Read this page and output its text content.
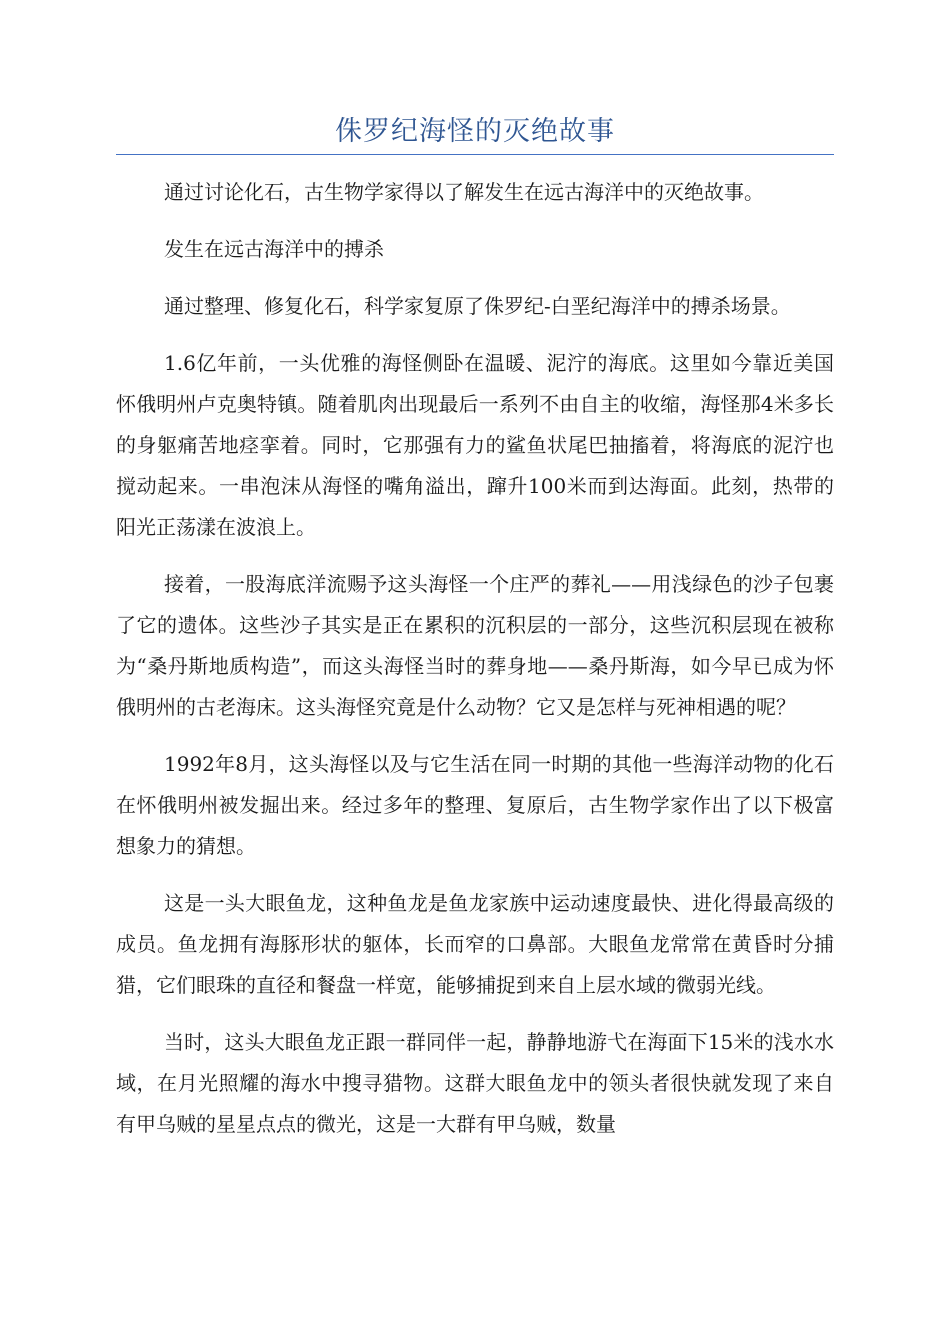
侏罗纪海怪的灭绝故事

通过讨论化石，古生物学家得以了解发生在远古海洋中的灭绝故事。

发生在远古海洋中的搏杀

通过整理、修复化石，科学家复原了侏罗纪-白垩纪海洋中的搏杀场景。

1.6亿年前，一头优雅的海怪侧卧在温暖、泥泞的海底。这里如今靠近美国怀俄明州卢克奥特镇。随着肌肉出现最后一系列不由自主的收缩，海怪那4米多长的身躯痛苦地痉挛着。同时，它那强有力的鲨鱼状尾巴抽搐着，将海底的泥泞也搅动起来。一串泡沫从海怪的嘴角溢出，蹿升100米而到达海面。此刻，热带的阳光正荡漾在波浪上。

接着，一股海底洋流赐予这头海怪一个庄严的葬礼——用浅绿色的沙子包裹了它的遗体。这些沙子其实是正在累积的沉积层的一部分，这些沉积层现在被称为“桑丹斯地质构造”，而这头海怪当时的葬身地——桑丹斯海，如今早已成为怀俄明州的古老海床。这头海怪究竟是什么动物？它又是怎样与死神相遇的呢？

1992年8月，这头海怪以及与它生活在同一时期的其他一些海洋动物的化石在怀俄明州被发掘出来。经过多年的整理、复原后，古生物学家作出了以下极富想象力的猜想。

这是一头大眼鱼龙，这种鱼龙是鱼龙家族中运动速度最快、进化得最高级的成员。鱼龙拥有海豚形状的躯体，长而窄的口鼻部。大眼鱼龙常常在黄昏时分捕猎，它们眼珠的直径和餐盘一样宽，能够捕捉到来自上层水域的微弱光线。

当时，这头大眼鱼龙正跟一群同伴一起，静静地游弋在海面下15米的浅水水域，在月光照耀的海水中搜寻猎物。这群大眼鱼龙中的领头者很快就发现了来自有甲乌贼的星星点点的微光，这是一大群有甲乌贼，数量
